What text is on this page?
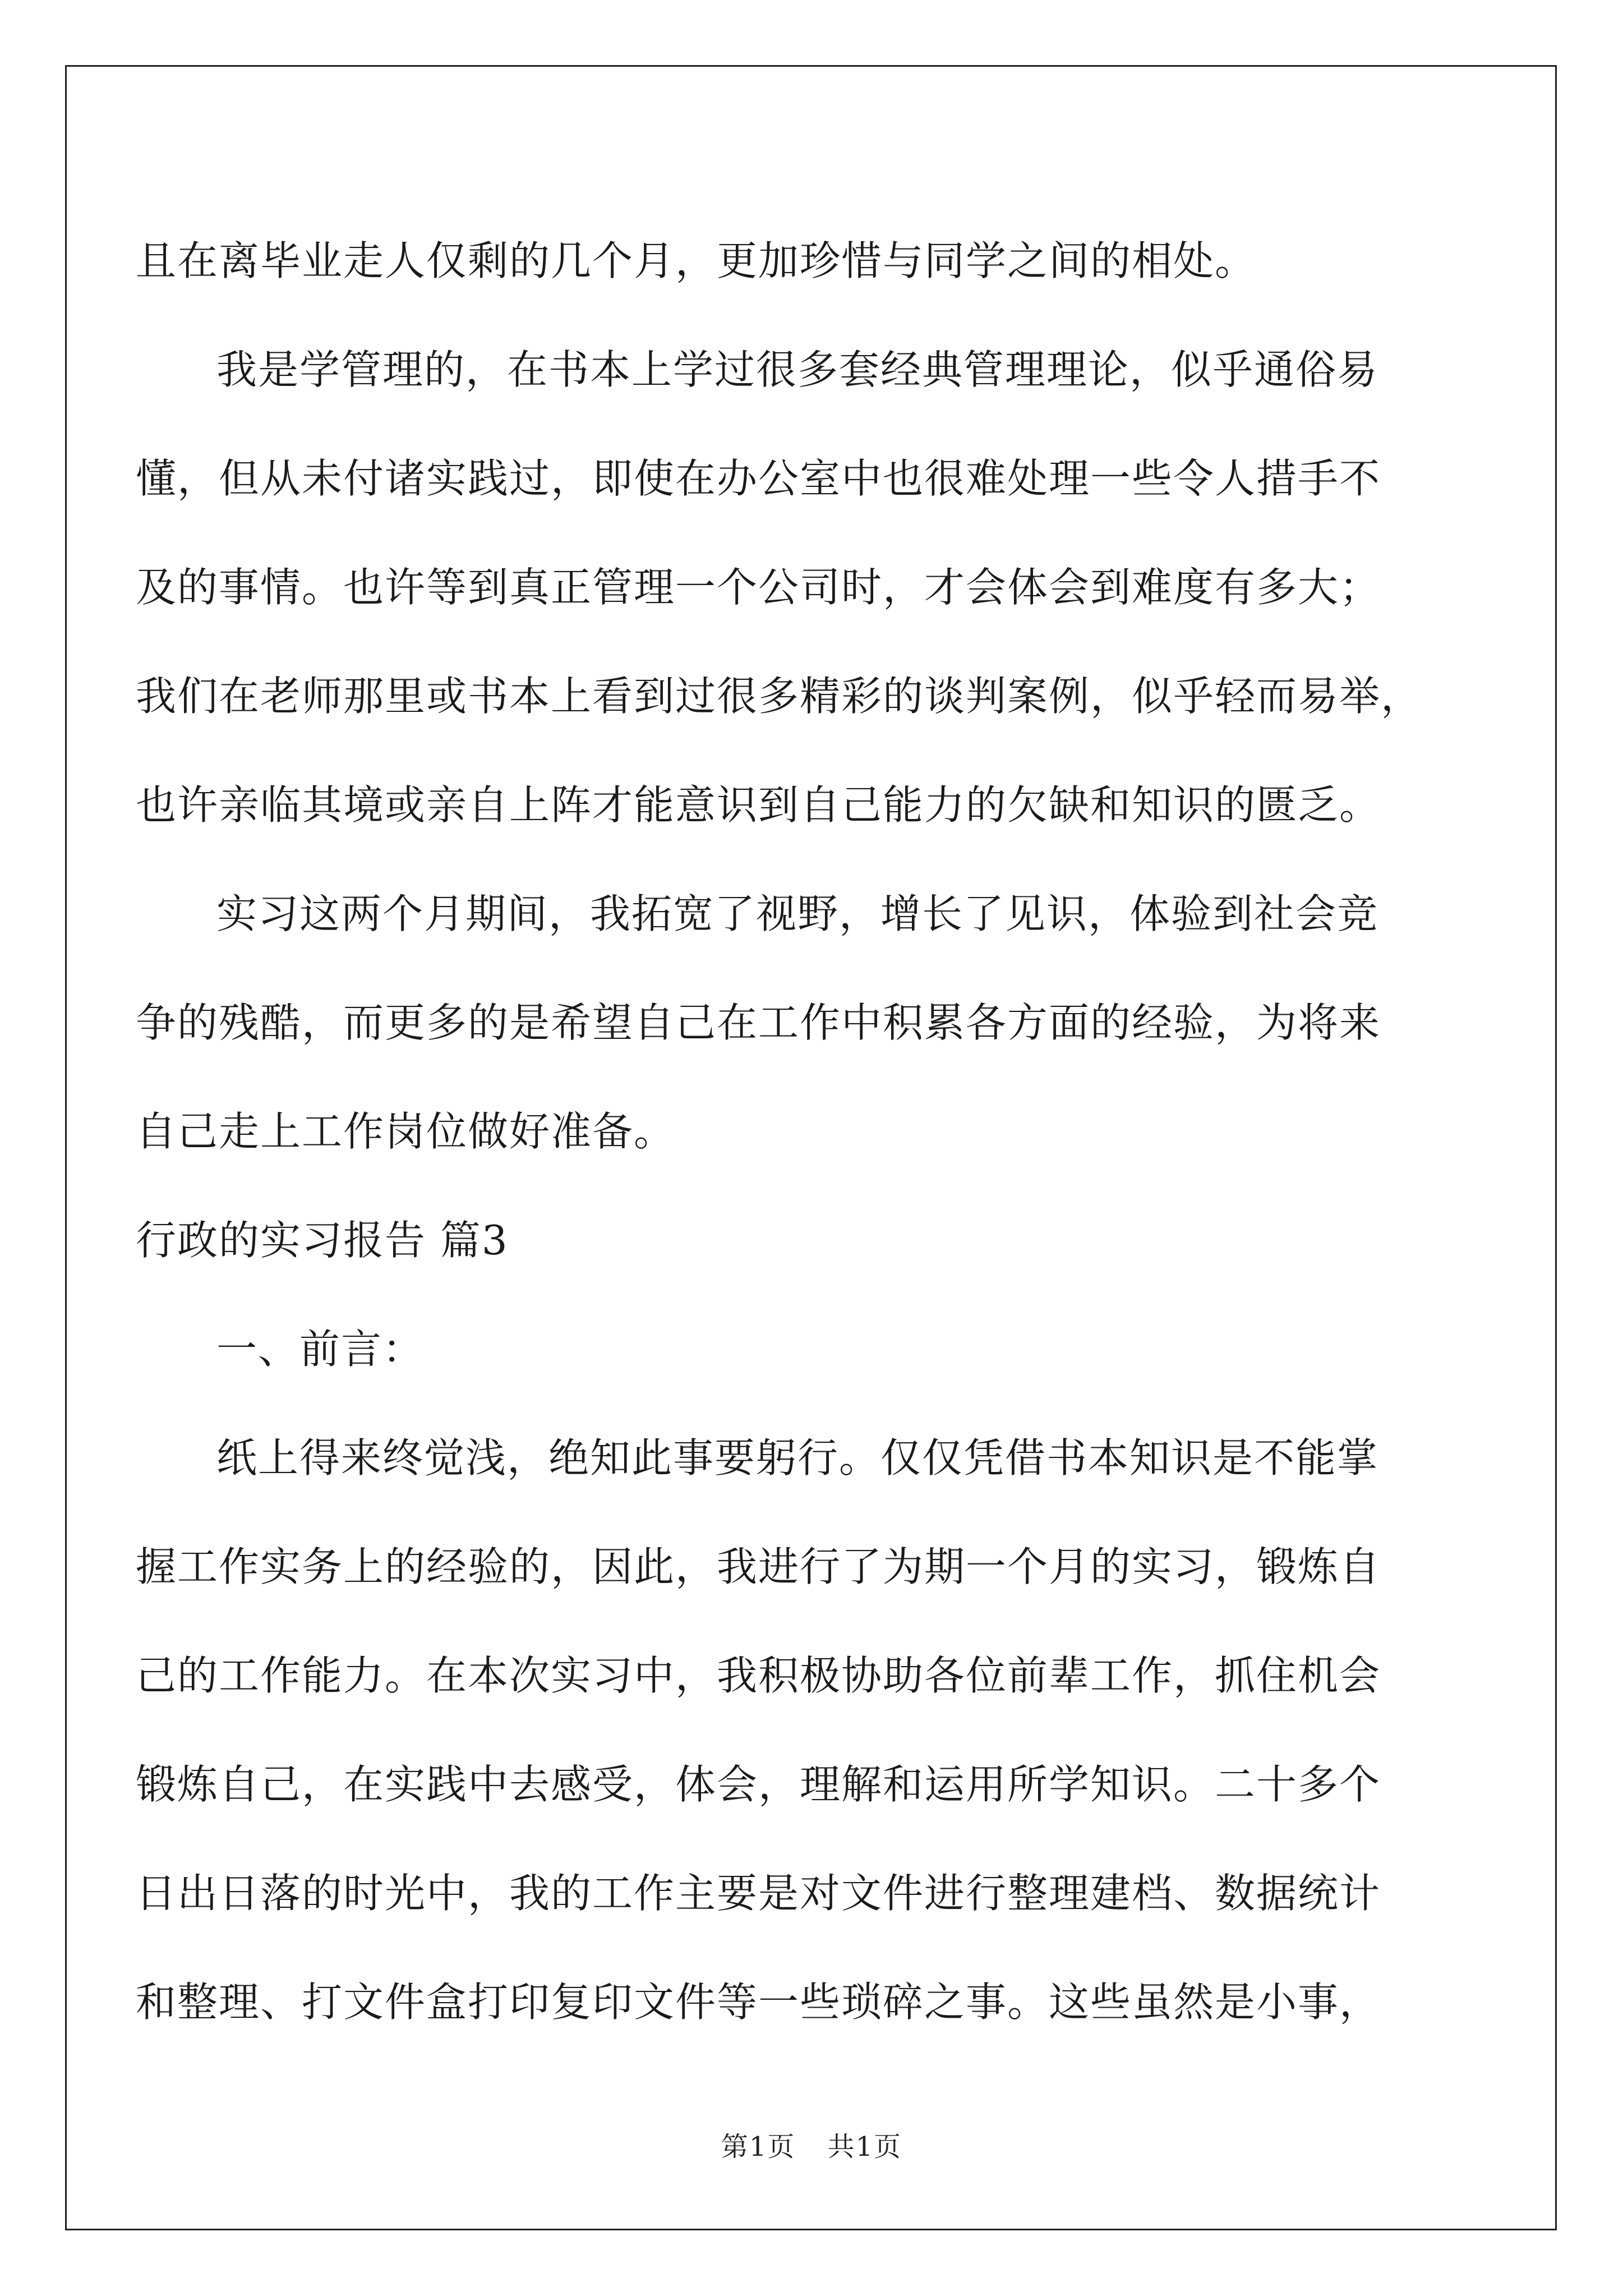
且在离毕业走人仅剩的几个月，更加珍惜与同学之间的相处。
我是学管理的，在书本上学过很多套经典管理理论，似乎通俗易
懂，但从未付诸实践过，即使在办公室中也很难处理一些令人措手不
及的事情。也许等到真正管理一个公司时，才会体会到难度有多大；
我们在老师那里或书本上看到过很多精彩的谈判案例，似乎轻而易举，
也许亲临其境或亲自上阵才能意识到自己能力的欠缺和知识的匮乏。
实习这两个月期间，我拓宽了视野，增长了见识，体验到社会竞
争的残酷，而更多的是希望自己在工作中积累各方面的经验，为将来
自己走上工作岗位做好准备。
行政的实习报告 篇3
一、前言：
纸上得来终觉浅，绝知此事要躬行。仅仅凭借书本知识是不能掌
握工作实务上的经验的，因此，我进行了为期一个月的实习，锻炼自
己的工作能力。在本次实习中，我积极协助各位前辈工作，抓住机会
锻炼自己，在实践中去感受，体会，理解和运用所学知识。二十多个
日出日落的时光中，我的工作主要是对文件进行整理建档、数据统计
和整理、打文件盒打印复印文件等一些琐碎之事。这些虽然是小事，
第1页 共1页
